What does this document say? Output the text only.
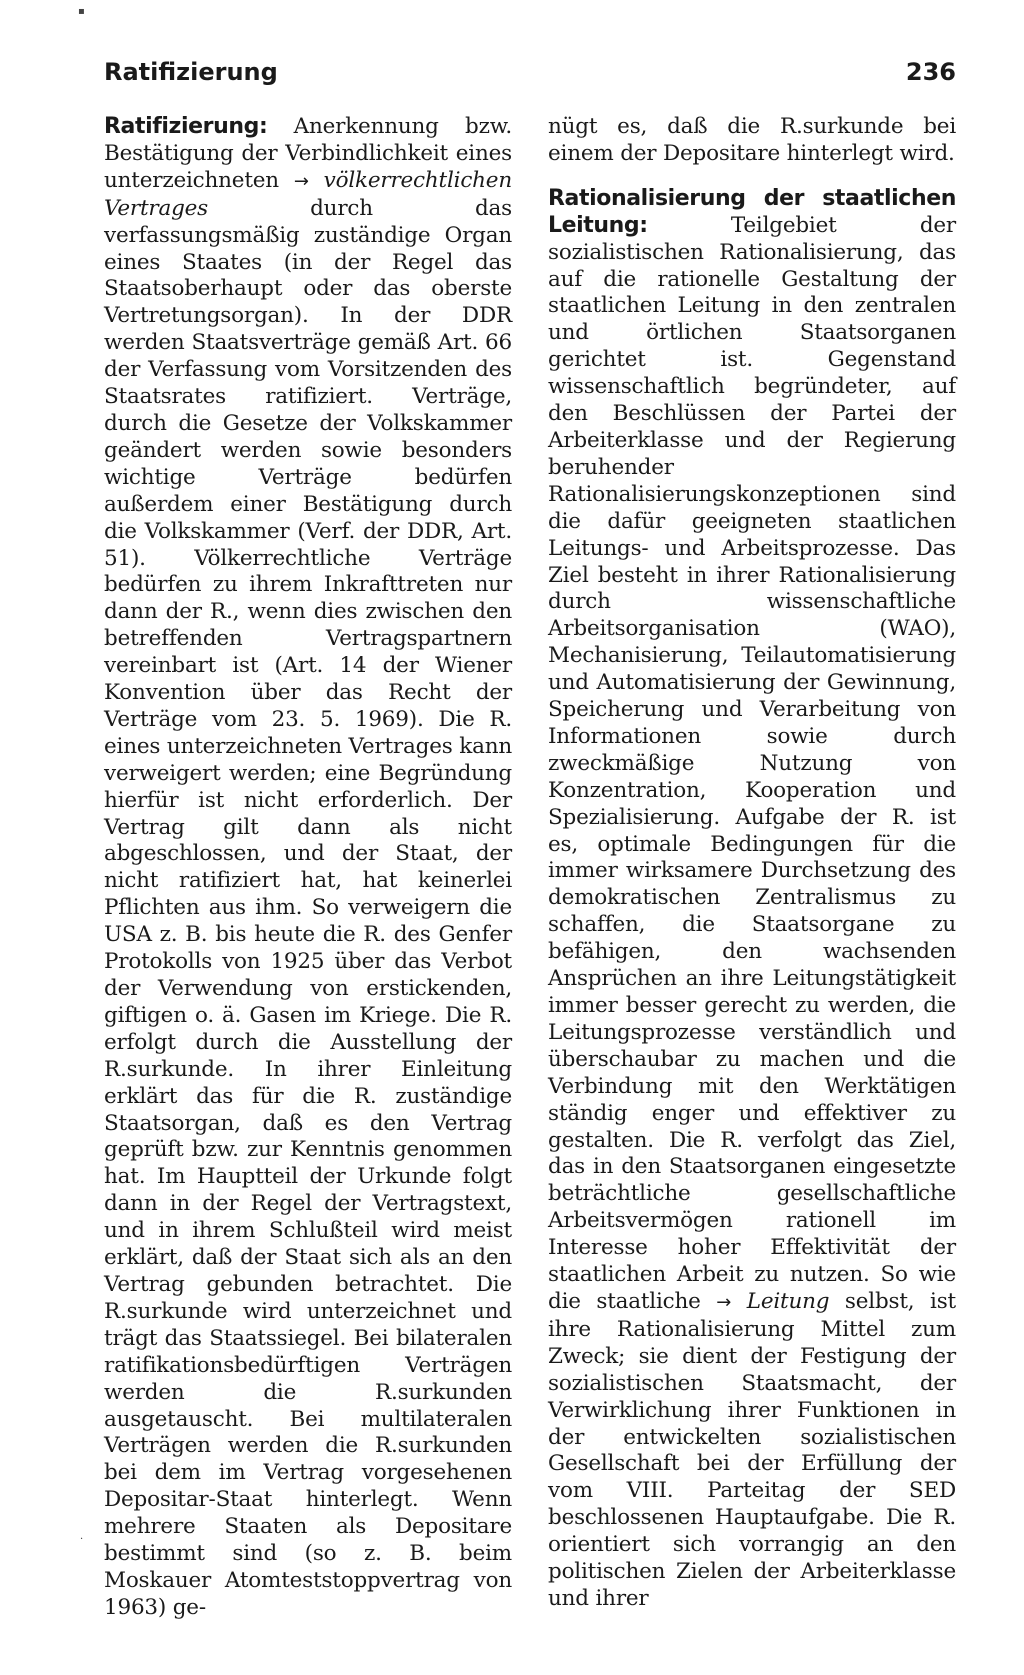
▪
·
Ratifizierung	236

Ratifizierung: Anerkennung bzw. Bestätigung der Verbindlichkeit eines unterzeichneten → völkerrechtlichen Vertrages durch das verfassungsmäßig zuständige Organ eines Staates (in der Regel das Staatsoberhaupt oder das oberste Vertretungsorgan). In der DDR werden Staatsverträge gemäß Art. 66 der Verfassung vom Vorsitzenden des Staatsrates ratifiziert. Verträge, durch die Gesetze der Volkskammer geändert werden sowie besonders wichtige Verträge bedürfen außerdem einer Bestätigung durch die Volkskammer (Verf. der DDR, Art. 51). Völkerrechtliche Verträge bedürfen zu ihrem Inkrafttreten nur dann der R., wenn dies zwischen den betreffenden Vertragspartnern vereinbart ist (Art. 14 der Wiener Konvention über das Recht der Verträge vom 23. 5. 1969). Die R. eines unterzeichneten Vertrages kann verweigert werden; eine Begründung hierfür ist nicht erforderlich. Der Vertrag gilt dann als nicht abgeschlossen, und der Staat, der nicht ratifiziert hat, hat keinerlei Pflichten aus ihm. So verweigern die USA z. B. bis heute die R. des Genfer Protokolls von 1925 über das Verbot der Verwendung von erstickenden, giftigen o. ä. Gasen im Kriege. Die R. erfolgt durch die Ausstellung der R.surkunde. In ihrer Einleitung erklärt das für die R. zuständige Staatsorgan, daß es den Vertrag geprüft bzw. zur Kenntnis genommen hat. Im Hauptteil der Urkunde folgt dann in der Regel der Vertragstext, und in ihrem Schlußteil wird meist erklärt, daß der Staat sich als an den Vertrag gebunden betrachtet. Die R.surkunde wird unterzeichnet und trägt das Staatssiegel. Bei bilateralen ratifikationsbedürftigen Verträgen werden die R.surkunden ausgetauscht. Bei multilateralen Verträgen werden die R.surkunden bei dem im Vertrag vorgesehenen Depositar-Staat hinterlegt. Wenn mehrere Staaten als Depositare bestimmt sind (so z. B. beim Moskauer Atomteststoppvertrag von 1963) ge-

nügt es, daß die R.surkunde bei einem der Depositare hinterlegt wird.

Rationalisierung der staatlichen Leitung: Teilgebiet der sozialistischen Rationalisierung, das auf die rationelle Gestaltung der staatlichen Leitung in den zentralen und örtlichen Staatsorganen gerichtet ist. Gegenstand wissenschaftlich begründeter, auf den Beschlüssen der Partei der Arbeiterklasse und der Regierung beruhender Rationalisierungskonzeptionen sind die dafür geeigneten staatlichen Leitungs- und Arbeitsprozesse. Das Ziel besteht in ihrer Rationalisierung durch wissenschaftliche Arbeitsorganisation (WAO), Mechanisierung, Teilautomatisierung und Automatisierung der Gewinnung, Speicherung und Verarbeitung von Informationen sowie durch zweckmäßige Nutzung von Konzentration, Kooperation und Spezialisierung. Aufgabe der R. ist es, optimale Bedingungen für die immer wirksamere Durchsetzung des demokratischen Zentralismus zu schaffen, die Staatsorgane zu befähigen, den wachsenden Ansprüchen an ihre Leitungstätigkeit immer besser gerecht zu werden, die Leitungsprozesse verständlich und überschaubar zu machen und die Verbindung mit den Werktätigen ständig enger und effektiver zu gestalten. Die R. verfolgt das Ziel, das in den Staatsorganen eingesetzte beträchtliche gesellschaftliche Arbeitsvermögen rationell im Interesse hoher Effektivität der staatlichen Arbeit zu nutzen. So wie die staatliche → Leitung selbst, ist ihre Rationalisierung Mittel zum Zweck; sie dient der Festigung der sozialistischen Staatsmacht, der Verwirklichung ihrer Funktionen in der entwickelten sozialistischen Gesellschaft bei der Erfüllung der vom VIII. Parteitag der SED beschlossenen Hauptaufgabe. Die R. orientiert sich vorrangig an den politischen Zielen der Arbeiterklasse und ihrer
